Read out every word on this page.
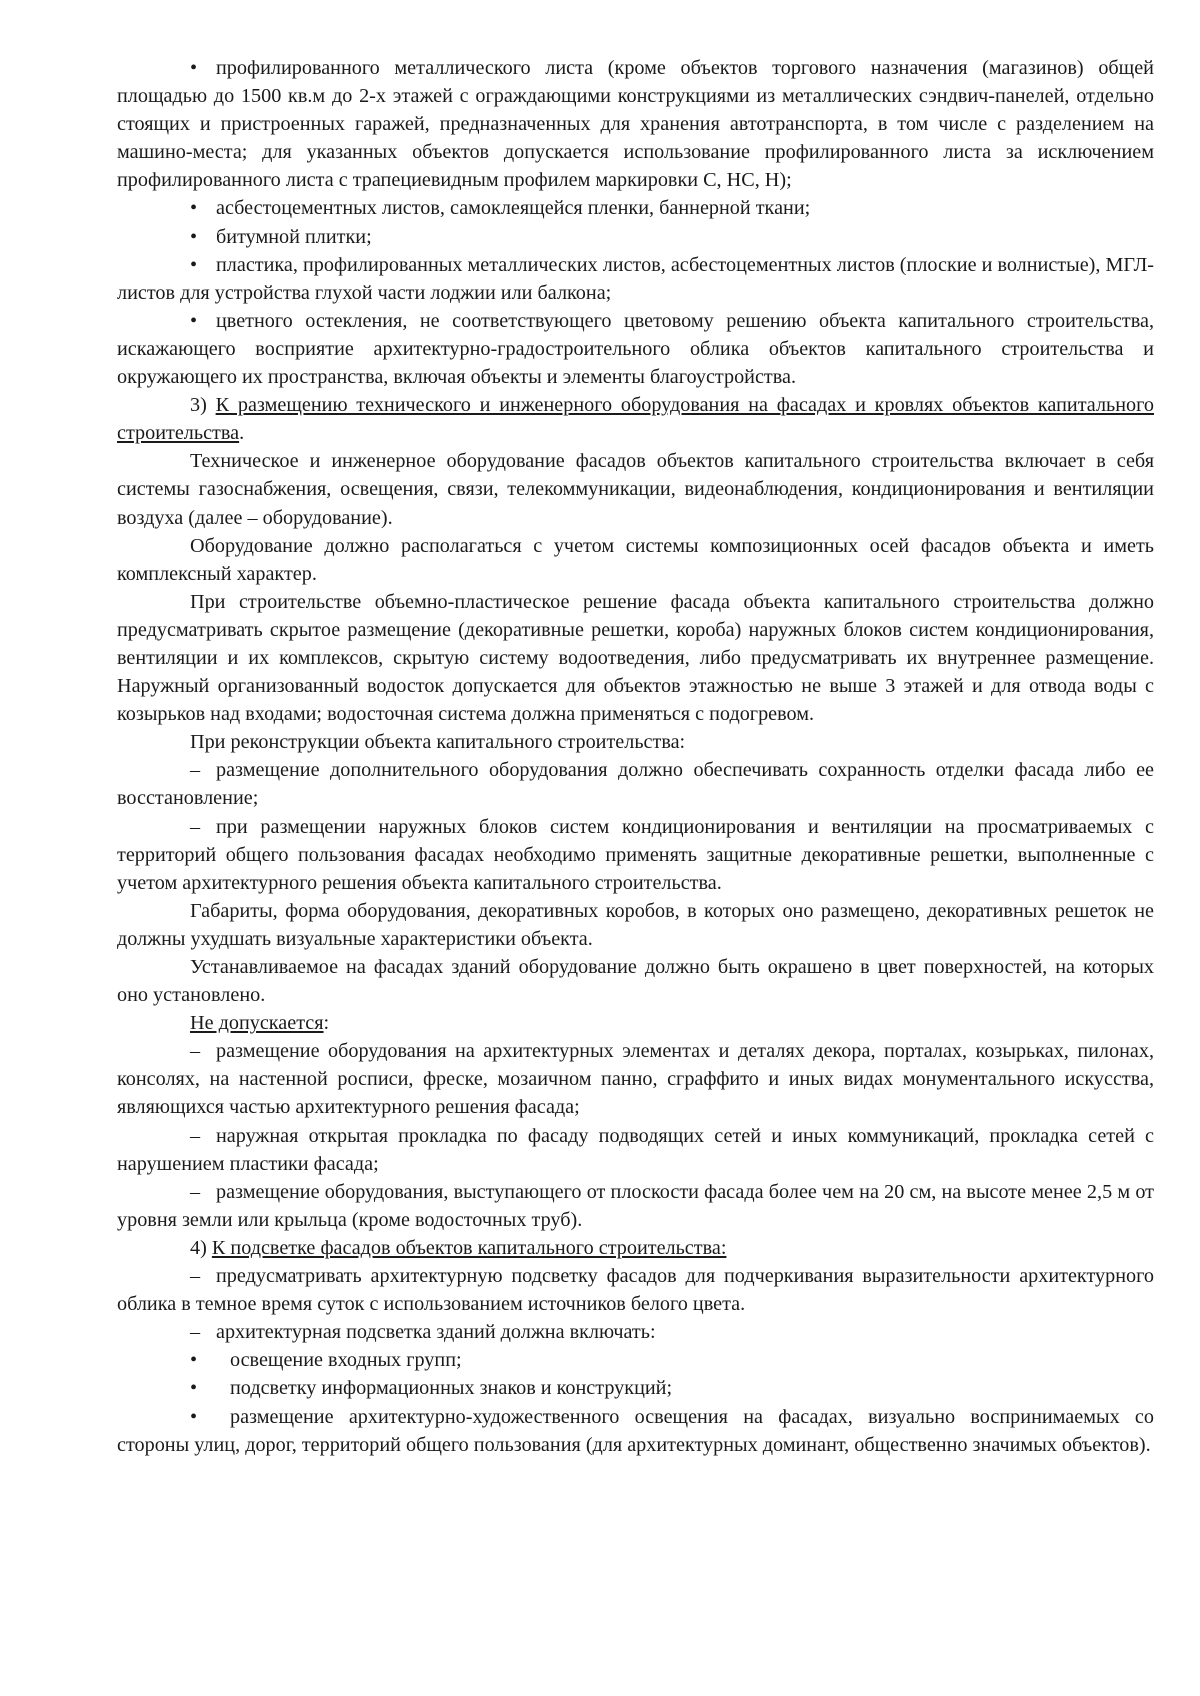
• профилированного металлического листа (кроме объектов торгового назначения (магазинов) общей площадью до 1500 кв.м до 2-х этажей с ограждающими конструкциями из металлических сэндвич-панелей, отдельно стоящих и пристроенных гаражей, предназначенных для хранения автотранспорта, в том числе с разделением на машино-места; для указанных объектов допускается использование профилированного листа за исключением профилированного листа с трапециевидным профилем маркировки С, НС, Н);

• асбестоцементных листов, самоклеящейся пленки, баннерной ткани;

• битумной плитки;

• пластика, профилированных металлических листов, асбестоцементных листов (плоские и волнистые), МГЛ-листов для устройства глухой части лоджии или балкона;

• цветного остекления, не соответствующего цветовому решению объекта капитального строительства, искажающего восприятие архитектурно-градостроительного облика объектов капитального строительства и окружающего их пространства, включая объекты и элементы благоустройства.

3) К размещению технического и инженерного оборудования на фасадах и кровлях объектов капитального строительства.

Техническое и инженерное оборудование фасадов объектов капитального строительства включает в себя системы газоснабжения, освещения, связи, телекоммуникации, видеонаблюдения, кондиционирования и вентиляции воздуха (далее – оборудование).

Оборудование должно располагаться с учетом системы композиционных осей фасадов объекта и иметь комплексный характер.

При строительстве объемно-пластическое решение фасада объекта капитального строительства должно предусматривать скрытое размещение (декоративные решетки, короба) наружных блоков систем кондиционирования, вентиляции и их комплексов, скрытую систему водоотведения, либо предусматривать их внутреннее размещение. Наружный организованный водосток допускается для объектов этажностью не выше 3 этажей и для отвода воды с козырьков над входами; водосточная система должна применяться с подогревом.

При реконструкции объекта капитального строительства:

– размещение дополнительного оборудования должно обеспечивать сохранность отделки фасада либо ее восстановление;

– при размещении наружных блоков систем кондиционирования и вентиляции на просматриваемых с территорий общего пользования фасадах необходимо применять защитные декоративные решетки, выполненные с учетом архитектурного решения объекта капитального строительства.

Габариты, форма оборудования, декоративных коробов, в которых оно размещено, декоративных решеток не должны ухудшать визуальные характеристики объекта.

Устанавливаемое на фасадах зданий оборудование должно быть окрашено в цвет поверхностей, на которых оно установлено.

Не допускается:

– размещение оборудования на архитектурных элементах и деталях декора, порталах, козырьках, пилонах, консолях, на настенной росписи, фреске, мозаичном панно, сграффито и иных видах монументального искусства, являющихся частью архитектурного решения фасада;

– наружная открытая прокладка по фасаду подводящих сетей и иных коммуникаций, прокладка сетей с нарушением пластики фасада;

– размещение оборудования, выступающего от плоскости фасада более чем на 20 см, на высоте менее 2,5 м от уровня земли или крыльца (кроме водосточных труб).

4) К подсветке фасадов объектов капитального строительства:

– предусматривать архитектурную подсветку фасадов для подчеркивания выразительности архитектурного облика в темное время суток с использованием источников белого цвета.

– архитектурная подсветка зданий должна включать:

• освещение входных групп;

• подсветку информационных знаков и конструкций;

• размещение архитектурно-художественного освещения на фасадах, визуально воспринимаемых со стороны улиц, дорог, территорий общего пользования (для архитектурных доминант, общественно значимых объектов).
